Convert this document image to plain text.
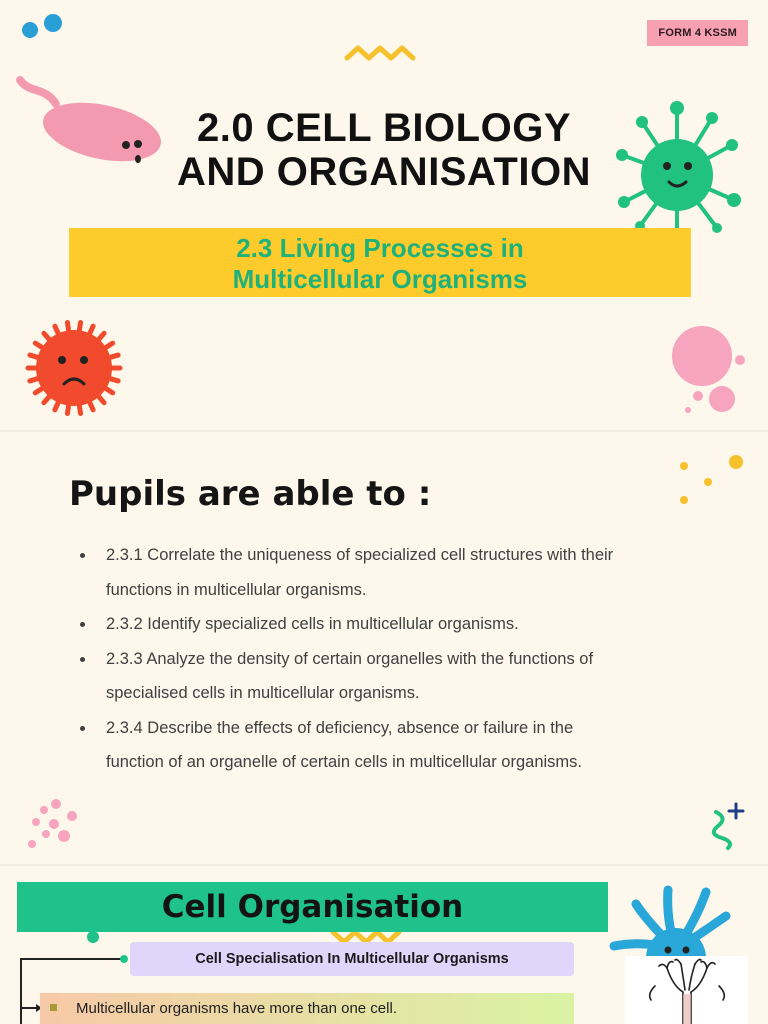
FORM 4 KSSM
2.0 CELL BIOLOGY
AND ORGANISATION
2.3 Living Processes in
Multicellular Organisms
Pupils are able to :
2.3.1 Correlate the uniqueness of specialized cell structures with their
functions in multicellular organisms.
2.3.2 Identify specialized cells in multicellular organisms.
2.3.3 Analyze the density of certain organelles with the functions of
specialised cells in multicellular organisms.
2.3.4 Describe the effects of deficiency, absence or failure in the
function of an organelle of certain cells in multicellular organisms.
Cell Organisation
Cell Specialisation In Multicellular Organisms
Multicellular organisms have more than one cell.
